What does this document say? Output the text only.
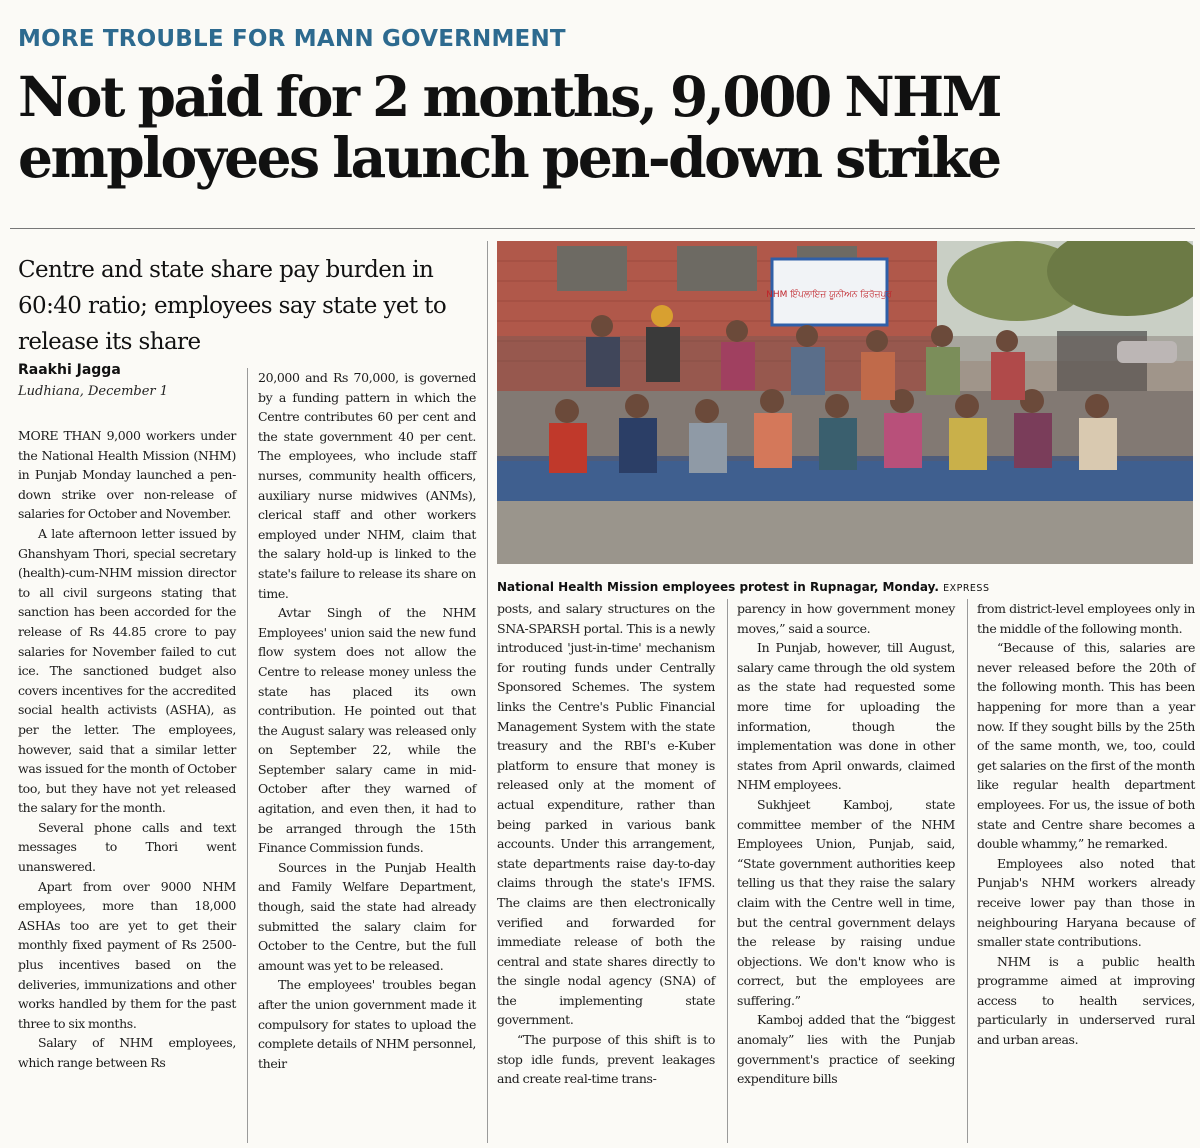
MORE TROUBLE FOR MANN GOVERNMENT
Not paid for 2 months, 9,000 NHM
employees launch pen-down strike
Centre and state share pay burden in 60:40 ratio; employees say state yet to release its share
Raakhi Jagga
Ludhiana, December 1
NHM ਇੰਪਲਾਇਜ਼ ਯੂਨੀਅਨ ਫ਼ਿਰੋਜ਼ਪੁਰ
National Health Mission employees protest in Rupnagar, Monday. EXPRESS

MORE THAN 9,000 workers under the National Health Mission (NHM) in Punjab Monday launched a pen-down strike over non-release of salaries for October and November.

A late afternoon letter issued by Ghanshyam Thori, special secretary (health)-cum-NHM mission director to all civil surgeons stating that sanction has been accorded for the release of Rs 44.85 crore to pay salaries for November failed to cut ice. The sanctioned budget also covers incentives for the accredited social health activists (ASHA), as per the letter. The employees, however, said that a similar letter was issued for the month of October too, but they have not yet released the salary for the month.

Several phone calls and text messages to Thori went unanswered.

Apart from over 9000 NHM employees, more than 18,000 ASHAs too are yet to get their monthly fixed payment of Rs 2500-plus incentives based on the deliveries, immunizations and other works handled by them for the past three to six months.

Salary of NHM employees, which range between Rs

20,000 and Rs 70,000, is governed by a funding pattern in which the Centre contributes 60 per cent and the state government 40 per cent. The employees, who include staff nurses, community health officers, auxiliary nurse midwives (ANMs), clerical staff and other workers employed under NHM, claim that the salary hold-up is linked to the state's failure to release its share on time.

Avtar Singh of the NHM Employees' union said the new fund flow system does not allow the Centre to release money unless the state has placed its own contribution. He pointed out that the August salary was released only on September 22, while the September salary came in mid-October after they warned of agitation, and even then, it had to be arranged through the 15th Finance Commission funds.

Sources in the Punjab Health and Family Welfare Department, though, said the state had already submitted the salary claim for October to the Centre, but the full amount was yet to be released.

The employees' troubles began after the union government made it compulsory for states to upload the complete details of NHM personnel, their

posts, and salary structures on the SNA-SPARSH portal. This is a newly introduced 'just-in-time' mechanism for routing funds under Centrally Sponsored Schemes. The system links the Centre's Public Financial Management System with the state treasury and the RBI's e-Kuber platform to ensure that money is released only at the moment of actual expenditure, rather than being parked in various bank accounts. Under this arrangement, state departments raise day-to-day claims through the state's IFMS. The claims are then electronically verified and forwarded for immediate release of both the central and state shares directly to the single nodal agency (SNA) of the implementing state government.

“The purpose of this shift is to stop idle funds, prevent leakages and create real-time trans-

parency in how government money moves,” said a source.

In Punjab, however, till August, salary came through the old system as the state had requested some more time for uploading the information, though the implementation was done in other states from April onwards, claimed NHM employees.

Sukhjeet Kamboj, state committee member of the NHM Employees Union, Punjab, said, “State government authorities keep telling us that they raise the salary claim with the Centre well in time, but the central government delays the release by raising undue objections. We don't know who is correct, but the employees are suffering.”

Kamboj added that the “biggest anomaly” lies with the Punjab government's practice of seeking expenditure bills

from district-level employees only in the middle of the following month.

“Because of this, salaries are never released before the 20th of the following month. This has been happening for more than a year now. If they sought bills by the 25th of the same month, we, too, could get salaries on the first of the month like regular health department employees. For us, the issue of both state and Centre share becomes a double whammy,” he remarked.

Employees also noted that Punjab's NHM workers already receive lower pay than those in neighbouring Haryana because of smaller state contributions.

NHM is a public health programme aimed at improving access to health services, particularly in underserved rural and urban areas.
